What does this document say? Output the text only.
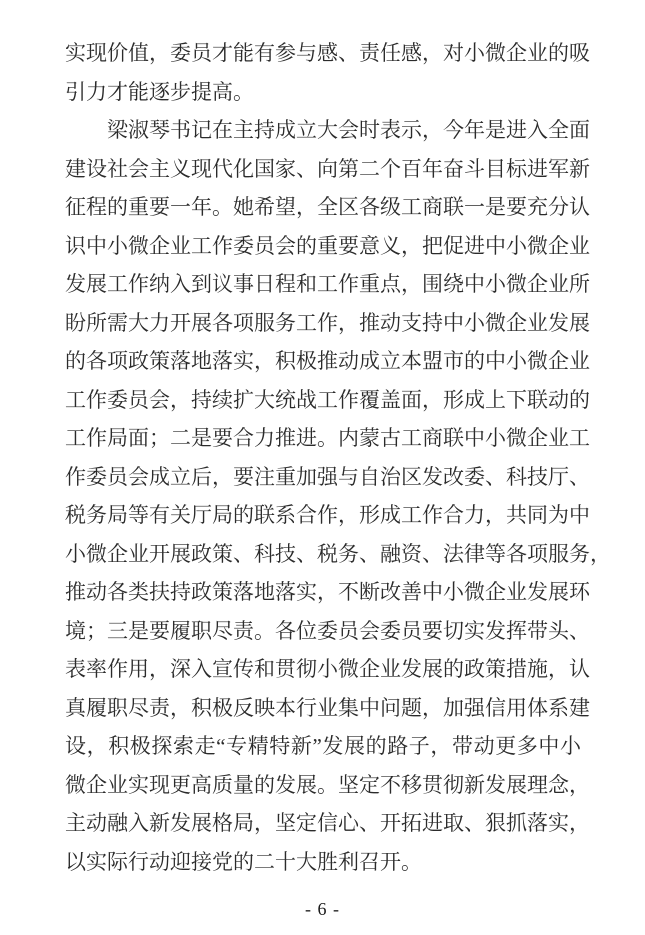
实现价值，委员才能有参与感、责任感，对小微企业的吸
引力才能逐步提高。
梁淑琴书记在主持成立大会时表示，今年是进入全面
建设社会主义现代化国家、向第二个百年奋斗目标进军新
征程的重要一年。她希望，全区各级工商联一是要充分认
识中小微企业工作委员会的重要意义，把促进中小微企业
发展工作纳入到议事日程和工作重点，围绕中小微企业所
盼所需大力开展各项服务工作，推动支持中小微企业发展
的各项政策落地落实，积极推动成立本盟市的中小微企业
工作委员会，持续扩大统战工作覆盖面，形成上下联动的
工作局面；二是要合力推进。内蒙古工商联中小微企业工
作委员会成立后，要注重加强与自治区发改委、科技厅、
税务局等有关厅局的联系合作，形成工作合力，共同为中
小微企业开展政策、科技、税务、融资、法律等各项服务，
推动各类扶持政策落地落实，不断改善中小微企业发展环
境；三是要履职尽责。各位委员会委员要切实发挥带头、
表率作用，深入宣传和贯彻小微企业发展的政策措施，认
真履职尽责，积极反映本行业集中问题，加强信用体系建
设，积极探索走“专精特新”发展的路子，带动更多中小
微企业实现更高质量的发展。坚定不移贯彻新发展理念，
主动融入新发展格局，坚定信心、开拓进取、狠抓落实，
以实际行动迎接党的二十大胜利召开。
- 6 -
